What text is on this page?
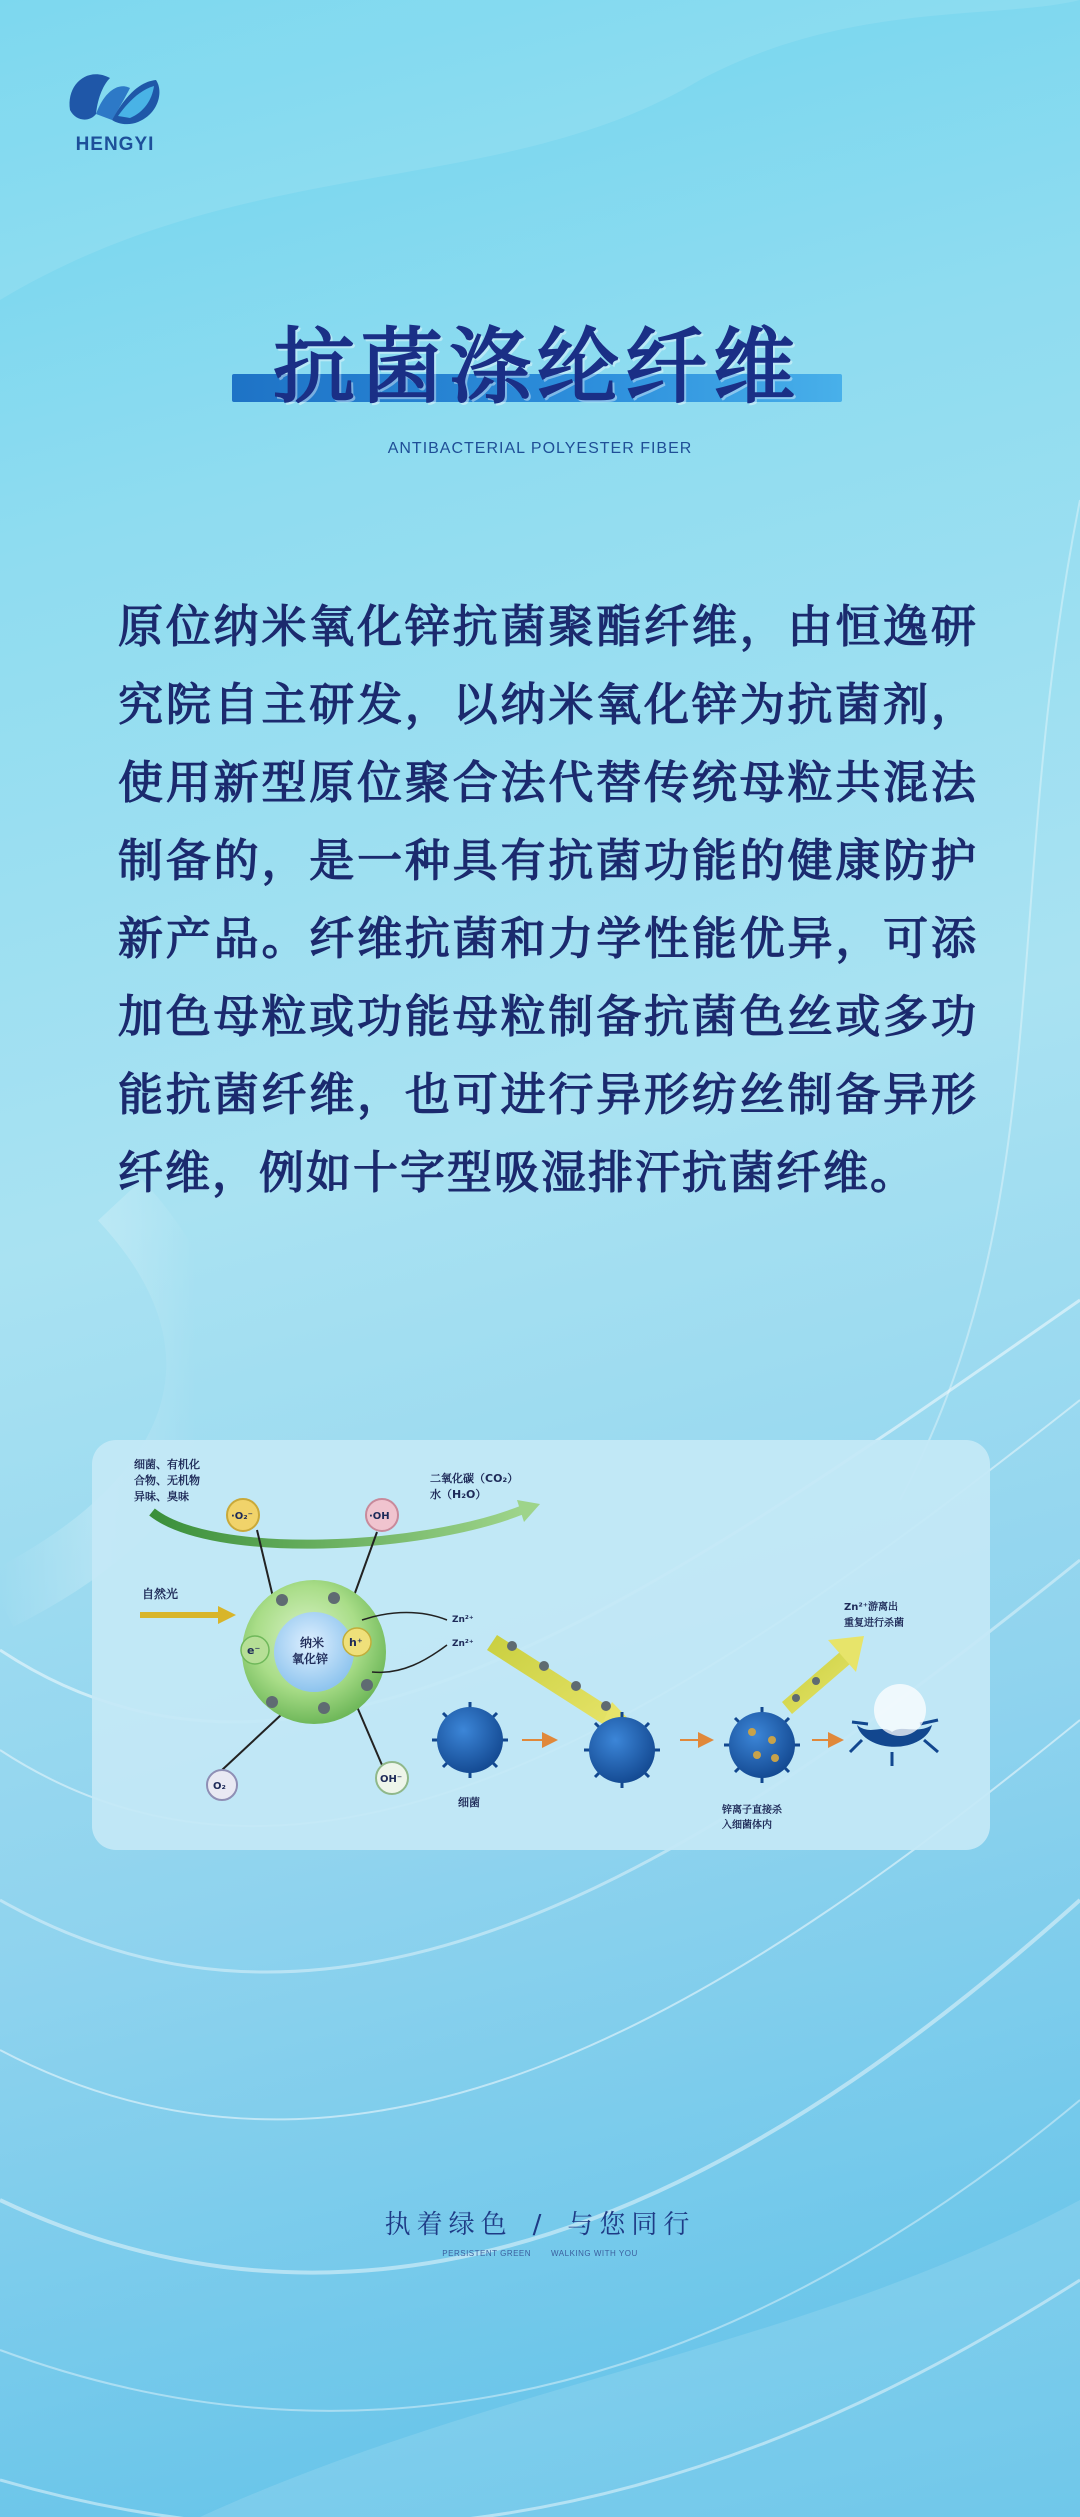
HENGYI
抗菌涤纶纤维
ANTIBACTERIAL POLYESTER FIBER

原位纳米氧化锌抗菌聚酯纤维，由恒逸研究院自主研发，以纳米氧化锌为抗菌剂，使用新型原位聚合法代替传统母粒共混法制备的，是一种具有抗菌功能的健康防护新产品。纤维抗菌和力学性能优异，可添加色母粒或功能母粒制备抗菌色丝或多功能抗菌纤维，也可进行异形纺丝制备异形纤维，例如十字型吸湿排汗抗菌纤维。

细菌、有机化
合物、无机物
异味、臭味
二氧化碳（CO₂）
水（H₂O）
·O₂⁻	·OH
自然光
纳米
氧化锌
e⁻
h⁺
Zn²⁺
Zn²⁺
O₂
OH⁻
细菌
锌离子直接杀
入细菌体内
Zn²⁺游离出
重复进行杀菌
执着绿色 / 与您同行
PERSISTENT GREEN	WALKING WITH YOU
